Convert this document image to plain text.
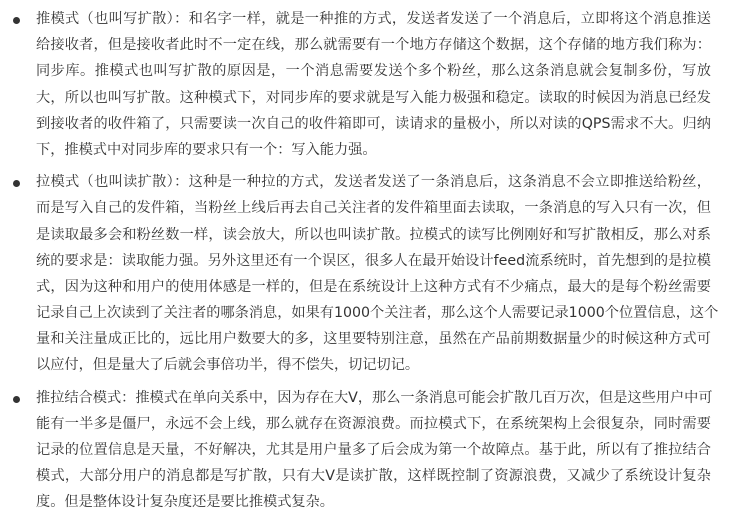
推模式（也叫写扩散）：和名字一样，就是一种推的方式，发送者发送了一个消息后，立即将这个消息推送
给接收者，但是接收者此时不一定在线，那么就需要有一个地方存储这个数据，这个存储的地方我们称为：
同步库。推模式也叫写扩散的原因是，一个消息需要发送个多个粉丝，那么这条消息就会复制多份，写放
大，所以也叫写扩散。这种模式下，对同步库的要求就是写入能力极强和稳定。读取的时候因为消息已经发
到接收者的收件箱了，只需要读一次自己的收件箱即可，读请求的量极小，所以对读的QPS需求不大。归纳
下，推模式中对同步库的要求只有一个：写入能力强。
拉模式（也叫读扩散）：这种是一种拉的方式，发送者发送了一条消息后，这条消息不会立即推送给粉丝，
而是写入自己的发件箱，当粉丝上线后再去自己关注者的发件箱里面去读取，一条消息的写入只有一次，但
是读取最多会和粉丝数一样，读会放大，所以也叫读扩散。拉模式的读写比例刚好和写扩散相反，那么对系
统的要求是：读取能力强。另外这里还有一个误区，很多人在最开始设计feed流系统时，首先想到的是拉模
式，因为这种和用户的使用体感是一样的，但是在系统设计上这种方式有不少痛点，最大的是每个粉丝需要
记录自己上次读到了关注者的哪条消息，如果有1000个关注者，那么这个人需要记录1000个位置信息，这个
量和关注量成正比的，远比用户数要大的多，这里要特别注意，虽然在产品前期数据量少的时候这种方式可
以应付，但是量大了后就会事倍功半，得不偿失，切记切记。
推拉结合模式：推模式在单向关系中，因为存在大V，那么一条消息可能会扩散几百万次，但是这些用户中可
能有一半多是僵尸，永远不会上线，那么就存在资源浪费。而拉模式下，在系统架构上会很复杂，同时需要
记录的位置信息是天量，不好解决，尤其是用户量多了后会成为第一个故障点。基于此，所以有了推拉结合
模式，大部分用户的消息都是写扩散，只有大V是读扩散，这样既控制了资源浪费，又减少了系统设计复杂
度。但是整体设计复杂度还是要比推模式复杂。
